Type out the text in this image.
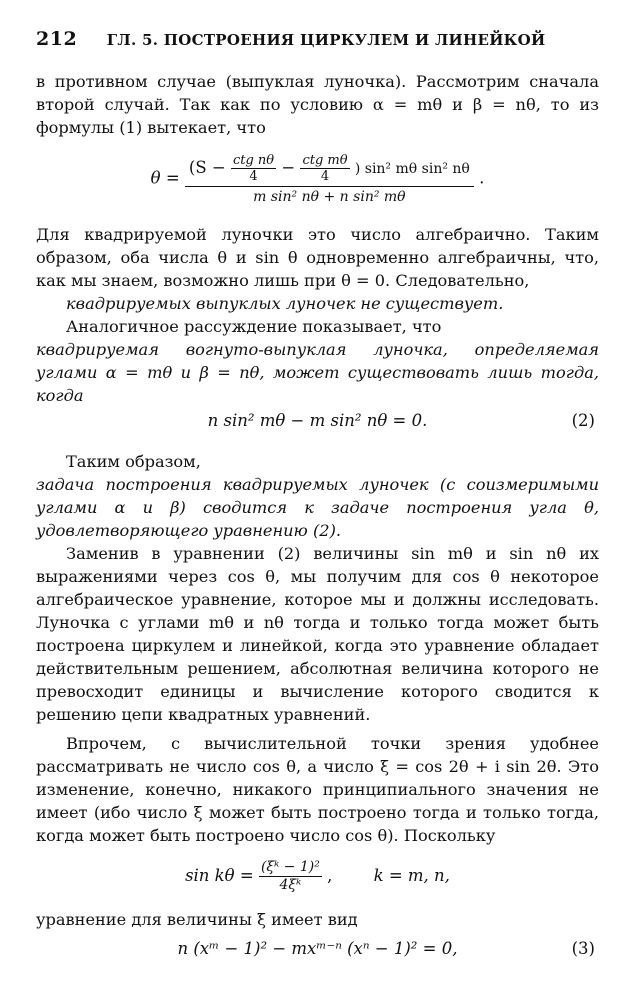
212	ГЛ. 5. ПОСТРОЕНИЯ ЦИРКУЛЕМ И ЛИНЕЙКОЙ

в противном случае (выпуклая луночка). Рассмотрим сначала второй случай. Так как по условию α = mθ и β = nθ, то из формулы (1) вытекает, что

θ =
($S - \frac{\text{ctg nθ}}{4} - \frac{\text{ctg mθ}}{4}$ ) sin² mθ sin² nθ
m sin² nθ + n sin² mθ
.

Для квадрируемой луночки это число алгебраично. Таким образом, оба числа θ и sin θ одновременно алгебраичны, что, как мы знаем, возможно лишь при θ = 0. Следовательно,

квадрируемых выпуклых луночек не существует.

Аналогичное рассуждение показывает, что

квадрируемая вогнуто-выпуклая луночка, определяемая углами α = mθ и β = nθ, может существовать лишь тогда, когда

n sin² mθ − m sin² nθ = 0.	(2)

Таким образом,

задача построения квадрируемых луночек (с соизмеримыми углами α и β) сводится к задаче построения угла θ, удовлетворяющего уравнению (2).

Заменив в уравнении (2) величины sin mθ и sin nθ их выражениями через cos θ, мы получим для cos θ некоторое алгебраическое уравнение, которое мы и должны исследовать. Луночка с углами mθ и nθ тогда и только тогда может быть построена циркулем и линейкой, когда это уравнение обладает действительным решением, абсолютная величина которого не превосходит единицы и вычисление которого сводится к решению цепи квадратных уравнений.

Впрочем, с вычислительной точки зрения удобнее рассматривать не число cos θ, а число ξ = cos 2θ + i sin 2θ. Это изменение, конечно, никакого принципиального значения не имеет (ибо число ξ может быть построено тогда и только тогда, когда может быть построено число cos θ). Поскольку

$\sin k\theta = \frac{\text{(ξᵏ − 1)²}}{\text{4ξᵏ}}$ ,	k = m, n,

уравнение для величины ξ имеет вид

n (xᵐ − 1)² − mxᵐ⁻ⁿ (xⁿ − 1)² = 0,	(3)
